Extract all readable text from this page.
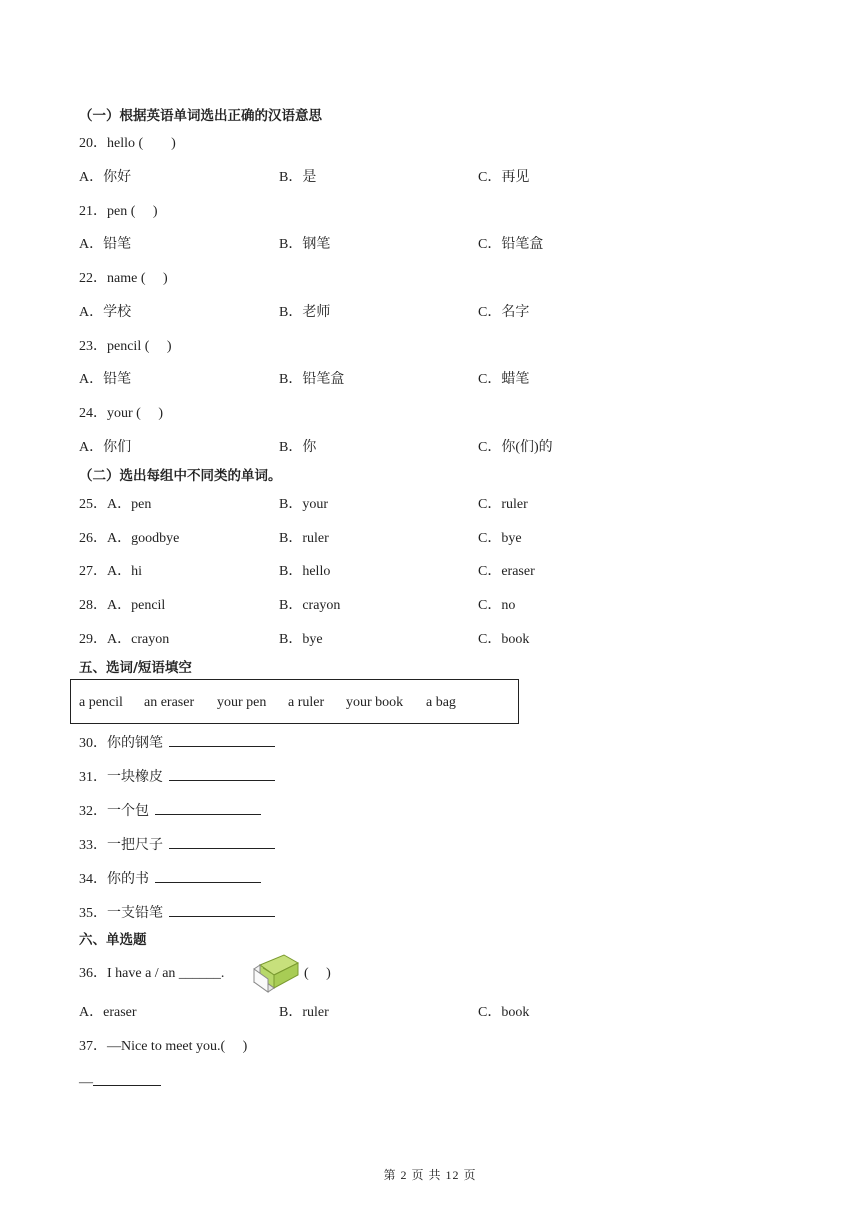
（一）根据英语单词选出正确的汉语意思
20．hello (　　)
A．你好	B．是	C．再见
21．pen (　 )
A．铅笔	B．钢笔	C．铅笔盒
22．name (　 )
A．学校	B．老师	C．名字
23．pencil (　 )
A．铅笔	B．铅笔盒	C．蜡笔
24．your (　 )
A．你们	B．你	C．你(们)的
（二）选出每组中不同类的单词。
25．A．pen	B．your	C．ruler
26．A．goodbye	B．ruler	C．bye
27．A．hi	B．hello	C．eraser
28．A．pencil	B．crayon	C．no
29．A．crayon	B．bye	C．book
五、选词/短语填空
a pencil an eraser your pen a ruler your book a bag
30．你的钢笔
31．一块橡皮
32．一个包
33．一把尺子
34．你的书
35．一支铅笔
六、单选题
36．I have a / an ______.	(　 )
A．eraser	B．ruler	C．book
37．—Nice to meet you.(　 )
—
第 2 页 共 12 页
